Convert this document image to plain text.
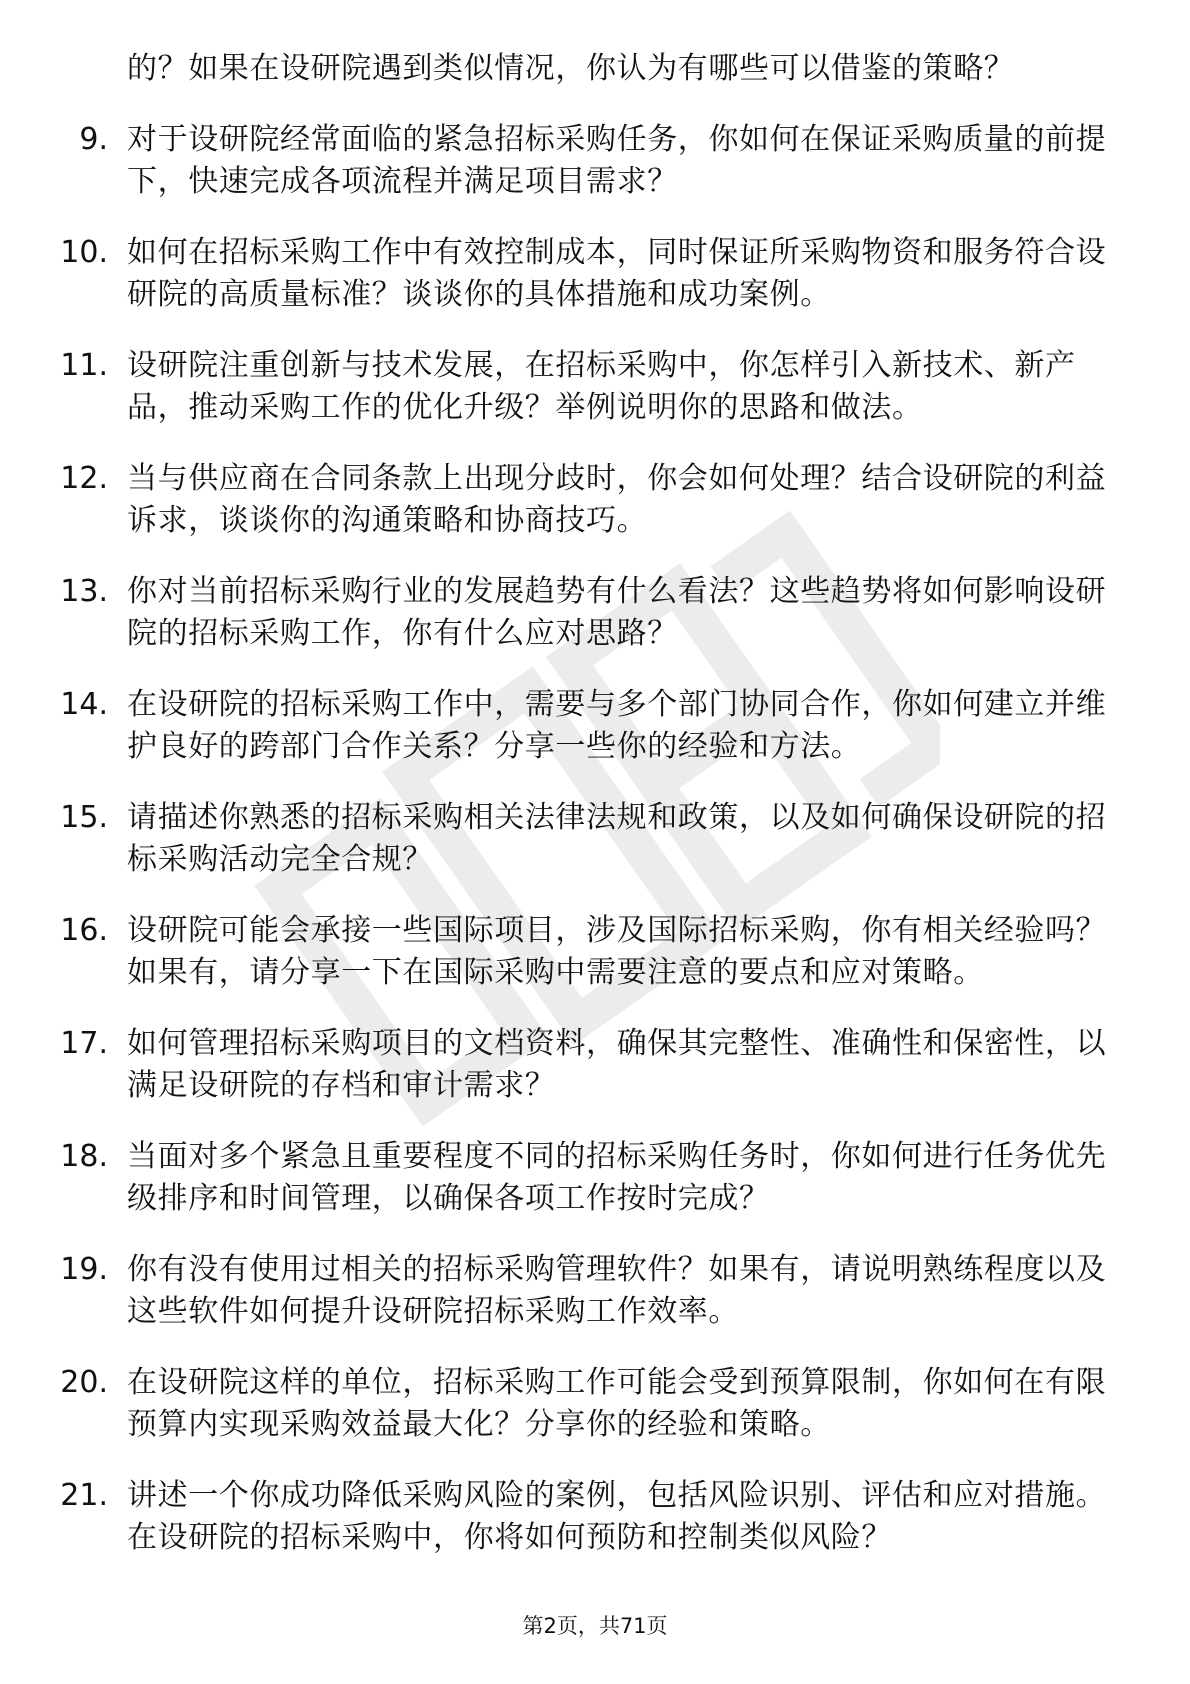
的？如果在设研院遇到类似情况，你认为有哪些可以借鉴的策略？
9. 对于设研院经常面临的紧急招标采购任务，你如何在保证采购质量的前提下，快速完成各项流程并满足项目需求？
10. 如何在招标采购工作中有效控制成本，同时保证所采购物资和服务符合设研院的高质量标准？谈谈你的具体措施和成功案例。
11. 设研院注重创新与技术发展，在招标采购中，你怎样引入新技术、新产品，推动采购工作的优化升级？举例说明你的思路和做法。
12. 当与供应商在合同条款上出现分歧时，你会如何处理？结合设研院的利益诉求，谈谈你的沟通策略和协商技巧。
13. 你对当前招标采购行业的发展趋势有什么看法？这些趋势将如何影响设研院的招标采购工作，你有什么应对思路？
14. 在设研院的招标采购工作中，需要与多个部门协同合作，你如何建立并维护良好的跨部门合作关系？分享一些你的经验和方法。
15. 请描述你熟悉的招标采购相关法律法规和政策，以及如何确保设研院的招标采购活动完全合规？
16. 设研院可能会承接一些国际项目，涉及国际招标采购，你有相关经验吗？如果有，请分享一下在国际采购中需要注意的要点和应对策略。
17. 如何管理招标采购项目的文档资料，确保其完整性、准确性和保密性，以满足设研院的存档和审计需求？
18. 当面对多个紧急且重要程度不同的招标采购任务时，你如何进行任务优先级排序和时间管理，以确保各项工作按时完成？
19. 你有没有使用过相关的招标采购管理软件？如果有，请说明熟练程度以及这些软件如何提升设研院招标采购工作效率。
20. 在设研院这样的单位，招标采购工作可能会受到预算限制，你如何在有限预算内实现采购效益最大化？分享你的经验和策略。
21. 讲述一个你成功降低采购风险的案例，包括风险识别、评估和应对措施。在设研院的招标采购中，你将如何预防和控制类似风险？
第2页，共71页
